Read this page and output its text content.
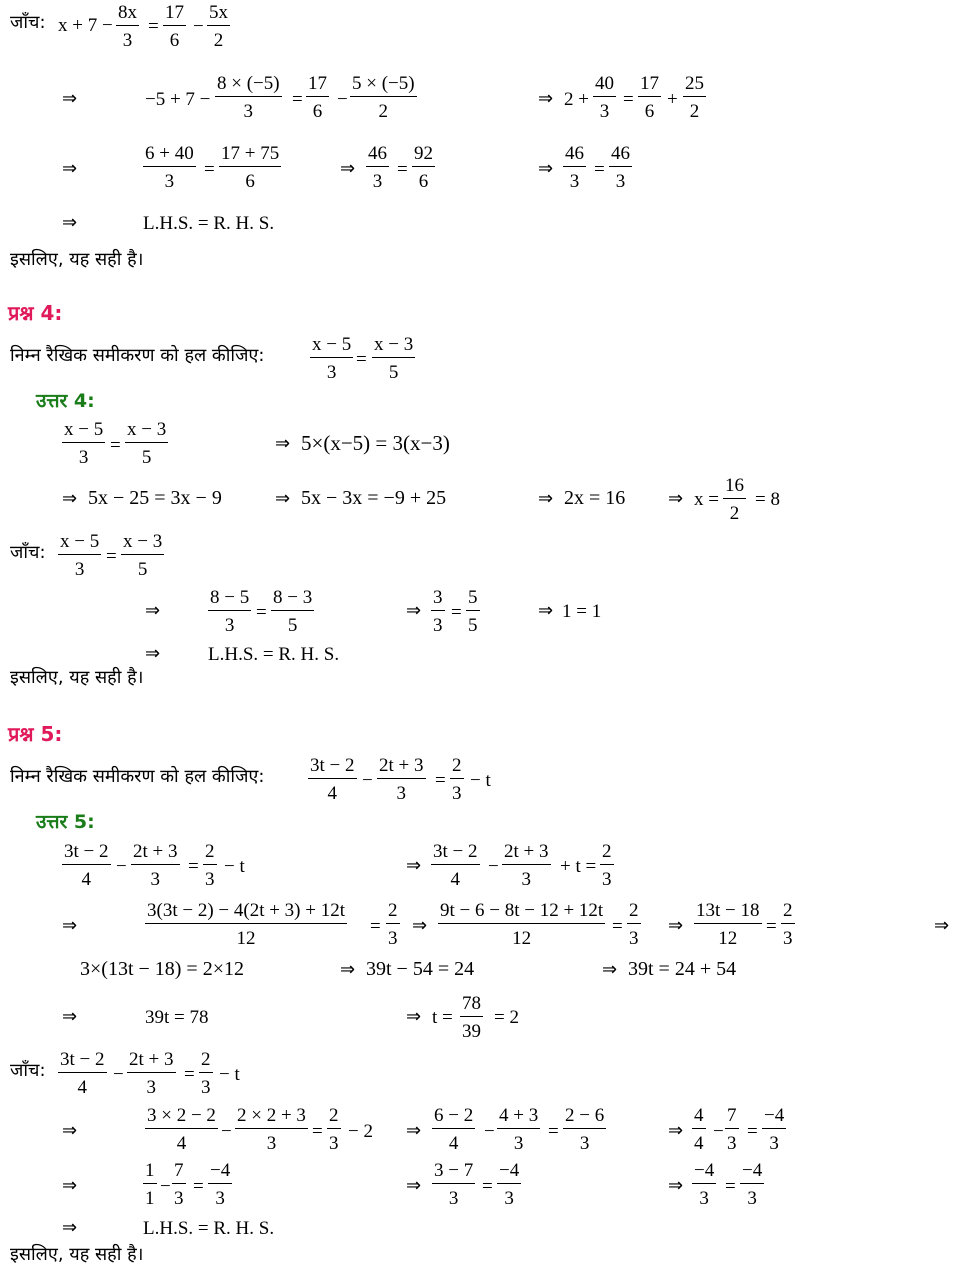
जाँच: $x + 7 - \frac{8x}{3} = \frac{17}{6} - \frac{5x}{2}$
⇒	$-5 + 7 - \frac{8 \times (-5)}{3} = \frac{17}{6} - \frac{5 \times (-5)}{2}$	⇒ $2 + \frac{40}{3} = \frac{17}{6} + \frac{25}{2}$
⇒	$\frac{6 + 40}{3} = \frac{17 + 75}{6}$	⇒ $\frac{46}{3} = \frac{92}{6}$	⇒ $\frac{46}{3} = \frac{46}{3}$
⇒	L.H.S. = R. H. S.
इसलिए, यह सही है।
प्रश्न 4:
निम्न रैखिक समीकरण को हल कीजिए: $\frac{x - 5}{3} = \frac{x - 3}{5}$
उत्तर 4:
$\frac{x - 5}{3} = \frac{x - 3}{5}$	⇒ 5×(x−5) = 3(x−3)
⇒ 5x − 25 = 3x − 9	⇒ 5x − 3x = −9 + 25	⇒ 2x = 16 ⇒ $x = \frac{16}{2} = 8$
जाँच: $\frac{x - 5}{3} = \frac{x - 3}{5}$
⇒	$\frac{8 - 5}{3} = \frac{8 - 3}{5}$	⇒ $\frac{3}{3} = \frac{5}{5}$	⇒ 1 = 1
⇒	L.H.S. = R. H. S.
इसलिए, यह सही है।
प्रश्न 5:
निम्न रैखिक समीकरण को हल कीजिए: $\frac{3t - 2}{4} - \frac{2t + 3}{3} = \frac{2}{3} - t$
उत्तर 5:
$\frac{3t - 2}{4} - \frac{2t + 3}{3} = \frac{2}{3} - t$	⇒ $\frac{3t - 2}{4} - \frac{2t + 3}{3} + t = \frac{2}{3}$
⇒	$\frac{3(3t - 2) - 4(2t + 3) + 12t}{12} = \frac{2}{3}$ ⇒ $\frac{9t - 6 - 8t - 12 + 12t}{12} = \frac{2}{3}$ ⇒ $\frac{13t - 18}{12} = \frac{2}{3}$	⇒
3×(13t − 18) = 2×12	⇒ 39t − 54 = 24	⇒ 39t = 24 + 54
⇒	39t = 78	⇒ $t = \frac{78}{39} = 2$
जाँच: $\frac{3t - 2}{4} - \frac{2t + 3}{3} = \frac{2}{3} - t$
⇒	$\frac{3 \times 2 - 2}{4} - \frac{2 \times 2 + 3}{3} = \frac{2}{3} - 2$ ⇒ $\frac{6 - 2}{4} - \frac{4 + 3}{3} = \frac{2 - 6}{3}$	⇒ $\frac{4}{4} - \frac{7}{3} = \frac{-4}{3}$
⇒	$\frac{1}{1} - \frac{7}{3} = \frac{-4}{3}$	⇒ $\frac{3 - 7}{3} = \frac{-4}{3}$	⇒ $\frac{-4}{3} = \frac{-4}{3}$
⇒	L.H.S. = R. H. S.
इसलिए, यह सही है।
